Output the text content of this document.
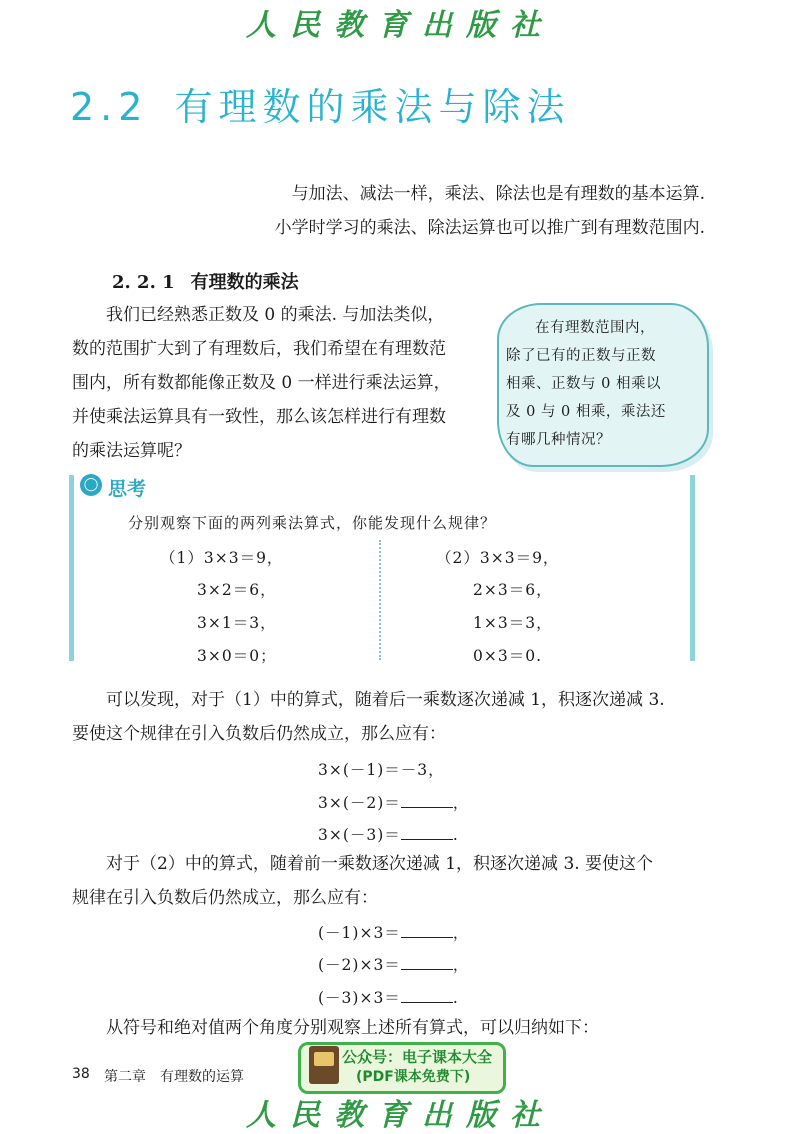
人民教育出版社
2.2 有理数的乘法与除法

与加法、减法一样，乘法、除法也是有理数的基本运算.

小学时学习的乘法、除法运算也可以推广到有理数范围内.

2. 2. 1 有理数的乘法

我们已经熟悉正数及 0 的乘法. 与加法类似，

数的范围扩大到了有理数后，我们希望在有理数范

围内，所有数都能像正数及 0 一样进行乘法运算，

并使乘法运算具有一致性，那么该怎样进行有理数

的乘法运算呢？

在有理数范围内，

除了已有的正数与正数

相乘、正数与 0 相乘以

及 0 与 0 相乘，乘法还

有哪几种情况？

◯ 思考
分别观察下面的两列乘法算式，你能发现什么规律？
（1）3×3＝9，
3×2＝6，
3×1＝3，
3×0＝0；
（2）3×3＝9，
2×3＝6，
1×3＝3，
0×3＝0.

可以发现，对于（1）中的算式，随着后一乘数逐次递减 1，积逐次递减 3.

要使这个规律在引入负数后仍然成立，那么应有：

3×(－1)＝－3，
3×(－2)＝	，
3×(－3)＝	.

对于（2）中的算式，随着前一乘数逐次递减 1，积逐次递减 3. 要使这个

规律在引入负数后仍然成立，那么应有：

(－1)×3＝	，
(－2)×3＝	，
(－3)×3＝	.

从符号和绝对值两个角度分别观察上述所有算式，可以归纳如下：

38 第二章　有理数的运算
公众号：电子课本大全
(PDF课本免费下)
人民教育出版社
